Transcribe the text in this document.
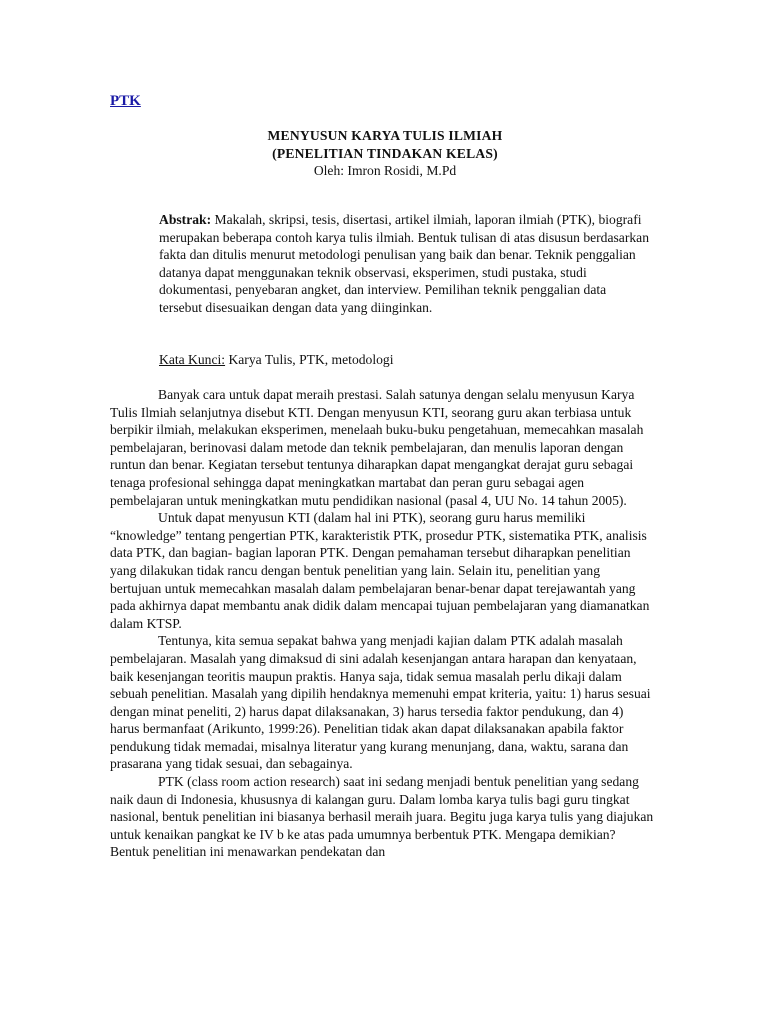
PTK
MENYUSUN KARYA TULIS ILMIAH
(PENELITIAN TINDAKAN KELAS)
Oleh: Imron Rosidi, M.Pd
Abstrak: Makalah, skripsi, tesis, disertasi, artikel ilmiah, laporan ilmiah (PTK), biografi merupakan beberapa contoh karya tulis ilmiah. Bentuk tulisan di atas disusun berdasarkan fakta dan ditulis menurut metodologi penulisan yang baik dan benar. Teknik penggalian datanya dapat menggunakan teknik observasi, eksperimen, studi pustaka, studi dokumentasi, penyebaran angket, dan interview. Pemilihan teknik penggalian data tersebut disesuaikan dengan data yang diinginkan.
Kata Kunci: Karya Tulis, PTK, metodologi

Banyak cara untuk dapat meraih prestasi. Salah satunya dengan selalu menyusun Karya Tulis Ilmiah selanjutnya disebut KTI. Dengan menyusun KTI, seorang guru akan terbiasa untuk berpikir ilmiah, melakukan eksperimen, menelaah buku-buku pengetahuan, memecahkan masalah pembelajaran, berinovasi dalam metode dan teknik pembelajaran, dan menulis laporan dengan runtun dan benar. Kegiatan tersebut tentunya diharapkan dapat mengangkat derajat guru sebagai tenaga profesional sehingga dapat meningkatkan martabat dan peran guru sebagai agen pembelajaran untuk meningkatkan mutu pendidikan nasional (pasal 4, UU No. 14 tahun 2005).

Untuk dapat menyusun KTI (dalam hal ini PTK), seorang guru harus memiliki “knowledge” tentang pengertian PTK, karakteristik PTK, prosedur PTK, sistematika PTK, analisis data PTK, dan bagian- bagian laporan PTK. Dengan pemahaman tersebut diharapkan penelitian yang dilakukan tidak rancu dengan bentuk penelitian yang lain. Selain itu, penelitian yang bertujuan untuk memecahkan masalah dalam pembelajaran benar-benar dapat terejawantah yang pada akhirnya dapat membantu anak didik dalam mencapai tujuan pembelajaran yang diamanatkan dalam KTSP.

Tentunya, kita semua sepakat bahwa yang menjadi kajian dalam PTK adalah masalah pembelajaran. Masalah yang dimaksud di sini adalah kesenjangan antara harapan dan kenyataan, baik kesenjangan teoritis maupun praktis. Hanya saja, tidak semua masalah perlu dikaji dalam sebuah penelitian. Masalah yang dipilih hendaknya memenuhi empat kriteria, yaitu: 1) harus sesuai dengan minat peneliti, 2) harus dapat dilaksanakan, 3) harus tersedia faktor pendukung, dan 4) harus bermanfaat (Arikunto, 1999:26). Penelitian tidak akan dapat dilaksanakan apabila faktor pendukung tidak memadai, misalnya literatur yang kurang menunjang, dana, waktu, sarana dan prasarana yang tidak sesuai, dan sebagainya.

PTK (class room action research) saat ini sedang menjadi bentuk penelitian yang sedang naik daun di Indonesia, khususnya di kalangan guru. Dalam lomba karya tulis bagi guru tingkat nasional, bentuk penelitian ini biasanya berhasil meraih juara. Begitu juga karya tulis yang diajukan untuk kenaikan pangkat ke IV b ke atas pada umumnya berbentuk PTK. Mengapa demikian? Bentuk penelitian ini menawarkan pendekatan dan
